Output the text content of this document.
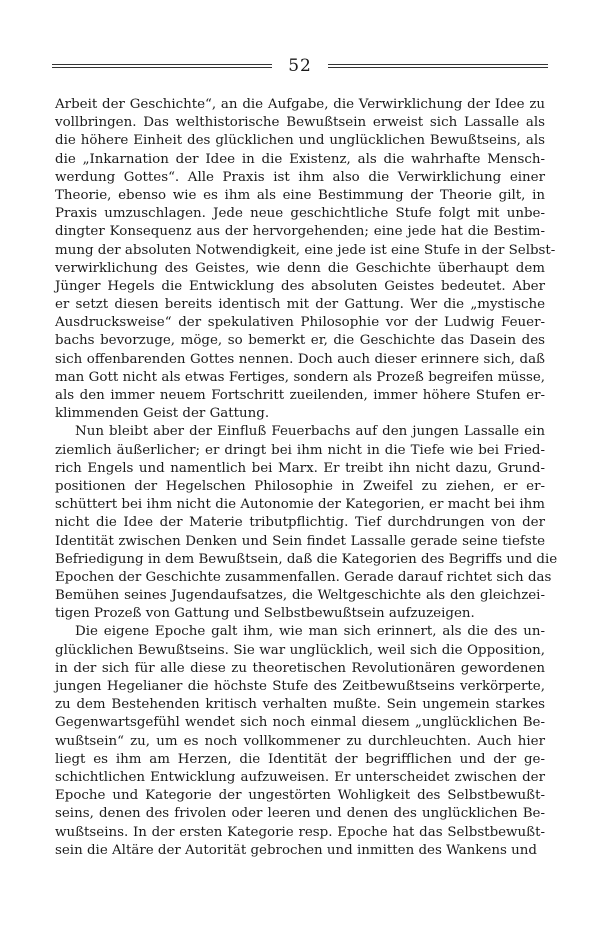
52
Arbeit der Geschichte“, an die Aufgabe, die Verwirklichung der Idee zu
vollbringen. Das welthistorische Bewußtsein erweist sich Lassalle als
die höhere Einheit des glücklichen und unglücklichen Bewußtseins, als
die „Inkarnation der Idee in die Existenz, als die wahrhafte Mensch-
werdung Gottes“. Alle Praxis ist ihm also die Verwirklichung einer
Theorie, ebenso wie es ihm als eine Bestimmung der Theorie gilt, in
Praxis umzuschlagen. Jede neue geschichtliche Stufe folgt mit unbe-
dingter Konsequenz aus der hervorgehenden; eine jede hat die Bestim-
mung der absoluten Notwendigkeit, eine jede ist eine Stufe in der Selbst-
verwirklichung des Geistes, wie denn die Geschichte überhaupt dem
Jünger Hegels die Entwicklung des absoluten Geistes bedeutet. Aber
er setzt diesen bereits identisch mit der Gattung. Wer die „mystische
Ausdrucksweise“ der spekulativen Philosophie vor der Ludwig Feuer-
bachs bevorzuge, möge, so bemerkt er, die Geschichte das Dasein des
sich offenbarenden Gottes nennen. Doch auch dieser erinnere sich, daß
man Gott nicht als etwas Fertiges, sondern als Prozeß begreifen müsse,
als den immer neuem Fortschritt zueilenden, immer höhere Stufen er-
klimmenden Geist der Gattung.
Nun bleibt aber der Einfluß Feuerbachs auf den jungen Lassalle ein
ziemlich äußerlicher; er dringt bei ihm nicht in die Tiefe wie bei Fried-
rich Engels und namentlich bei Marx. Er treibt ihn nicht dazu, Grund-
positionen der Hegelschen Philosophie in Zweifel zu ziehen, er er-
schüttert bei ihm nicht die Autonomie der Kategorien, er macht bei ihm
nicht die Idee der Materie tributpflichtig. Tief durchdrungen von der
Identität zwischen Denken und Sein findet Lassalle gerade seine tiefste
Befriedigung in dem Bewußtsein, daß die Kategorien des Begriffs und die
Epochen der Geschichte zusammenfallen. Gerade darauf richtet sich das
Bemühen seines Jugendaufsatzes, die Weltgeschichte als den gleichzei-
tigen Prozeß von Gattung und Selbstbewußtsein aufzuzeigen.
Die eigene Epoche galt ihm, wie man sich erinnert, als die des un-
glücklichen Bewußtseins. Sie war unglücklich, weil sich die Opposition,
in der sich für alle diese zu theoretischen Revolutionären gewordenen
jungen Hegelianer die höchste Stufe des Zeitbewußtseins verkörperte,
zu dem Bestehenden kritisch verhalten mußte. Sein ungemein starkes
Gegenwartsgefühl wendet sich noch einmal diesem „unglücklichen Be-
wußtsein“ zu, um es noch vollkommener zu durchleuchten. Auch hier
liegt es ihm am Herzen, die Identität der begrifflichen und der ge-
schichtlichen Entwicklung aufzuweisen. Er unterscheidet zwischen der
Epoche und Kategorie der ungestörten Wohligkeit des Selbstbewußt-
seins, denen des frivolen oder leeren und denen des unglücklichen Be-
wußtseins. In der ersten Kategorie resp. Epoche hat das Selbstbewußt-
sein die Altäre der Autorität gebrochen und inmitten des Wankens und
